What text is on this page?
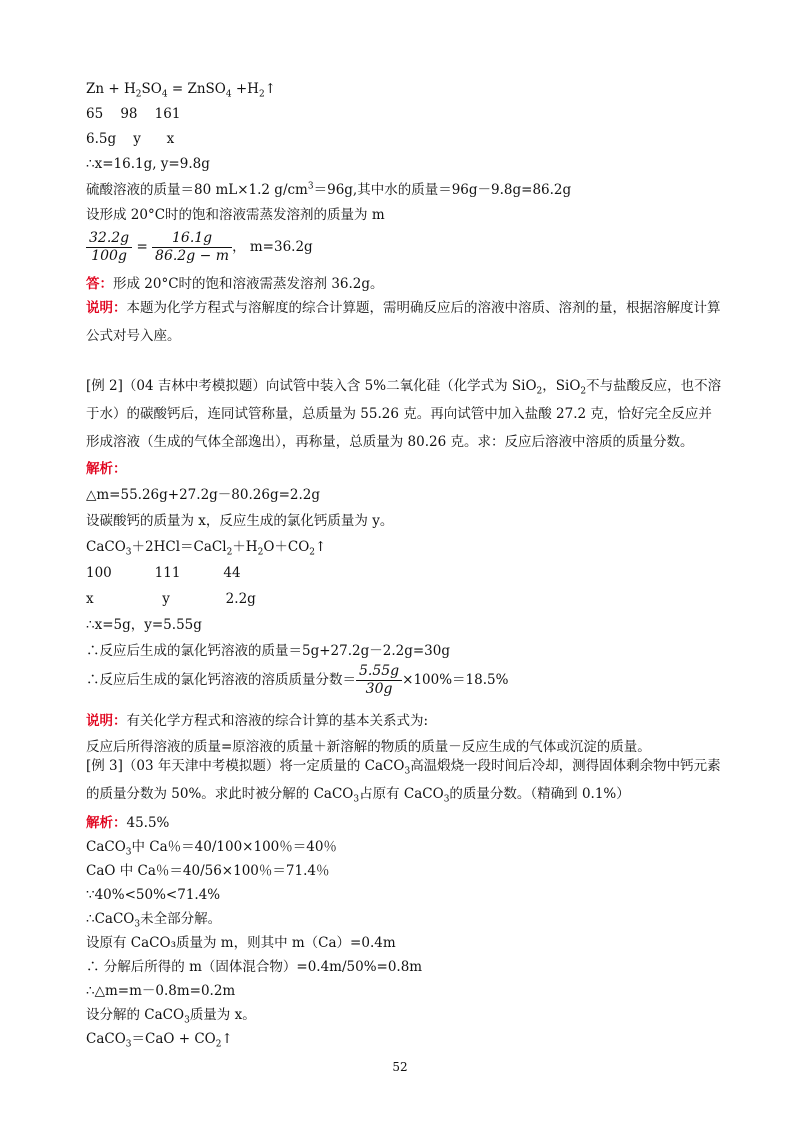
$Zn + H_2SO_4$ = ZnSO$_4$ $+H_2↑$
65    98    161
6.5g    y      x
∴x=16.1g, y=9.8g
硫酸溶液的质量＝80 mL×1.2 $g/cm^3=96g$,其中水的质量＝96g－9.8g=86.2g
设形成 20°C时的饱和溶液需蒸发溶剂的质量为 m
$\frac{32.2g}{100g} = \frac{16.1g}{86.2g - m}$ ， m=36.2g
答：形成 20°C时的饱和溶液需蒸发溶剂 36.2g。
说明：本题为化学方程式与溶解度的综合计算题，需明确反应后的溶液中溶质、溶剂的量，根据溶解度计算公式对号入座。
[例 2]（04 吉林中考模拟题）向试管中装入含 5%二氧化硅（化学式为 SiO$_2$，SiO$_2$不与盐酸反应，也不溶于水）的碳酸钙后，连同试管称量，总质量为 55.26 克。再向试管中加入盐酸 27.2 克，恰好完全反应并形成溶液（生成的气体全部逸出），再称量，总质量为 80.26 克。求：反应后溶液中溶质的质量分数。
解析：
△m=55.26g+27.2g－80.26g=2.2g
设碳酸钙的质量为 x，反应生成的氯化钙质量为 y。
$CaCO_3+2HCl=CaCl_2+H_2O+CO_2↑$
100          111          44
x                y             2.2g
∴x=5g，y=5.55g
∴反应后生成的氯化钙溶液的质量＝5g+27.2g－2.2g=30g
∴反应后生成的氯化钙溶液的溶质质量分数＝ $\frac{5.55g}{30g} \times 100\%=18.5\%$
说明：有关化学方程式和溶液的综合计算的基本关系式为:
反应后所得溶液的质量=原溶液的质量＋新溶解的物质的质量－反应生成的气体或沉淀的质量。
[例 3]（03 年天津中考模拟题）将一定质量的 CaCO$_3$高温煅烧一段时间后冷却，测得固体剩余物中钙元素的质量分数为 50%。求此时被分解的 CaCO$_3$占原有 CaCO$_3$的质量分数。（精确到 0.1%）
解析：45.5%
CaCO$_3$中 Ca％＝40/100×100％＝40％
CaO 中 Ca％＝40/56×100％＝71.4％
∵40%<50%<71.4%
∴CaCO$_3$未全部分解。
设原有 CaCO₃质量为 m，则其中 m（Ca）=0.4m
∴ 分解后所得的 m（固体混合物）=0.4m/50%=0.8m
∴△m=m－0.8m=0.2m
设分解的 CaCO$_3$质量为 x。
CaCO$_3$＝CaO + $CO_2↑$
52
